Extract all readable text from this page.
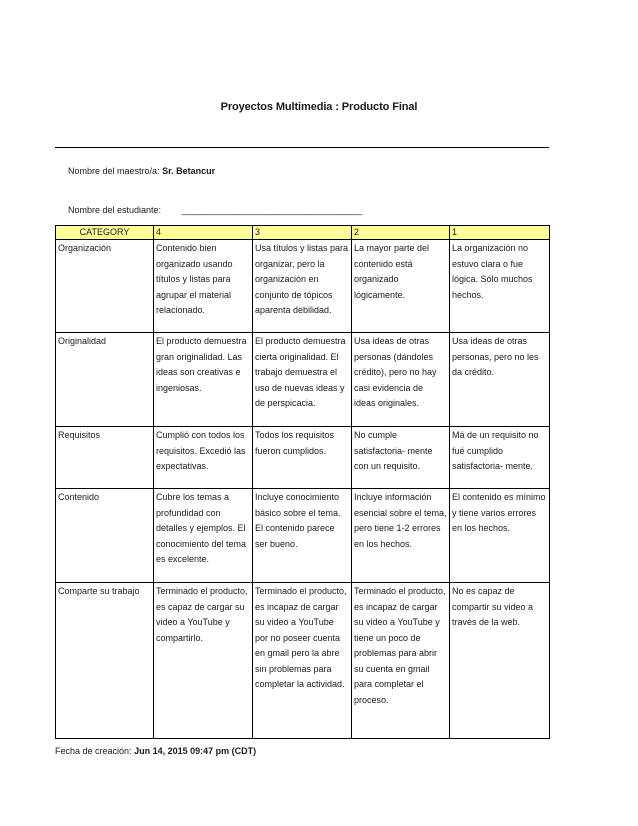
Proyectos Multimedia : Producto Final
Nombre del maestro/a: Sr. Betancur
Nombre del estudiante: ________________________________________
CATEGORY	4	3	2	1
Organización	Contenido bien organizado usando títulos y listas para agrupar el material relacionado.	Usa títulos y listas para organizar, pero la organización en conjunto de tópicos aparenta debilidad.	La mayor parte del contenido está organizado lógicamente.	La organización no estuvo clara o fue lógica. Sólo muchos hechos.
Originalidad	El producto demuestra gran originalidad. Las ideas son creativas e ingeniosas.	El producto demuestra cierta originalidad. El trabajo demuestra el uso de nuevas ideas y de perspicacia.	Usa ideas de otras personas (dándoles crédito), pero no hay casi evidencia de ideas originales.	Usa ideas de otras personas, pero no les da crédito.
Requisitos	Cumplió con todos los requisitos. Excedió las expectativas.	Todos los requisitos fueron cumplidos.	No cumple satisfactoria- mente con un requisito.	Má de un requisito no fué cumplido satisfactoria- mente.
Contenido	Cubre los temas a profundidad con detalles y ejemplos. El conocimiento del tema es excelente.	Incluye conocimiento básico sobre el tema. El contenido parece ser bueno.	Incluye información esencial sobre el tema, pero tiene 1-2 errores en los hechos.	El contenido es mínimo y tiene varios errores en los hechos.
Comparte su trabajo	Terminado el producto, es capaz de cargar su video a YouTube y compartirlo.	Terminado el producto, es incapaz de cargar su video a YouTube por no poseer cuenta en gmail pero la abre sin problemas para completar la actividad.	Terminado el producto, es incapaz de cargar su video a YouTube y tiene un poco de problemas para abrir su cuenta en gmail para completar el proceso.	No es capaz de compartir su video a través de la web.
Fecha de creación: Jun 14, 2015 09:47 pm (CDT)
